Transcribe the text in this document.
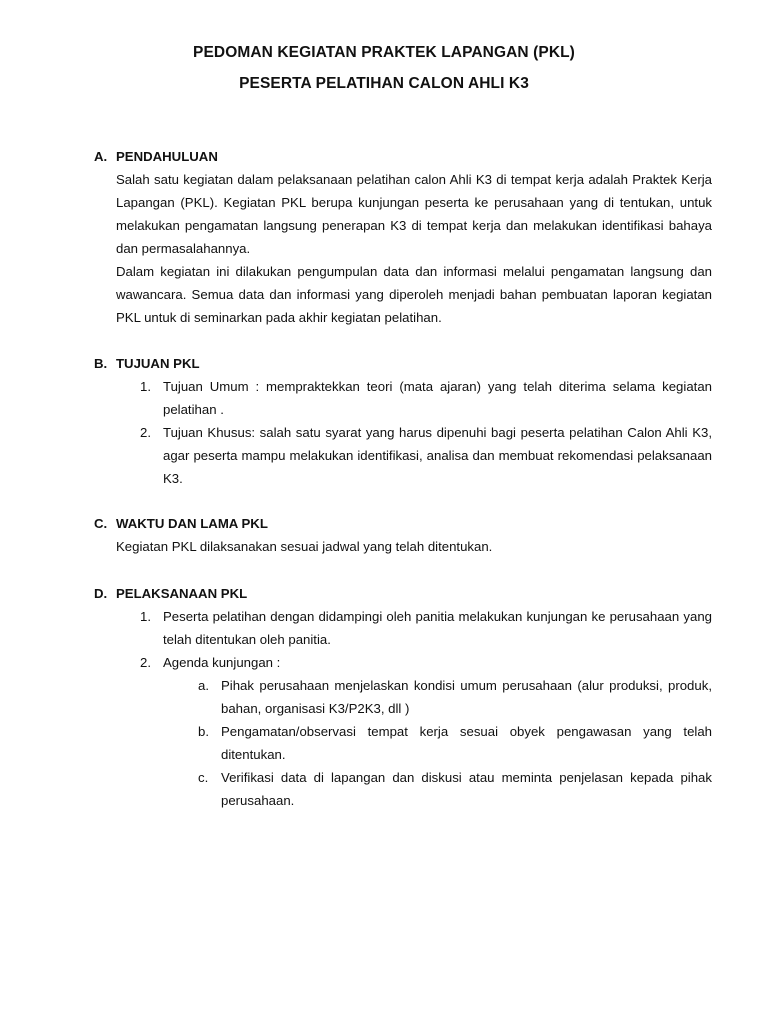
PEDOMAN KEGIATAN PRAKTEK LAPANGAN (PKL)
PESERTA PELATIHAN CALON AHLI K3
A. PENDAHULUAN
Salah satu kegiatan dalam pelaksanaan pelatihan calon Ahli K3 di tempat kerja adalah Praktek Kerja Lapangan (PKL). Kegiatan PKL berupa kunjungan peserta ke perusahaan yang di tentukan, untuk melakukan pengamatan langsung penerapan K3 di tempat kerja dan melakukan identifikasi bahaya dan permasalahannya.
Dalam kegiatan ini dilakukan pengumpulan data dan informasi melalui pengamatan langsung dan wawancara. Semua data dan informasi yang diperoleh menjadi bahan pembuatan laporan kegiatan PKL untuk di seminarkan pada akhir kegiatan pelatihan.
B. TUJUAN PKL
1. Tujuan Umum : mempraktekkan teori (mata ajaran) yang telah diterima selama kegiatan pelatihan .
2. Tujuan Khusus: salah satu syarat yang harus dipenuhi bagi peserta pelatihan Calon Ahli K3, agar peserta mampu melakukan identifikasi, analisa dan membuat rekomendasi pelaksanaan K3.
C. WAKTU DAN LAMA PKL
Kegiatan PKL dilaksanakan sesuai jadwal yang telah ditentukan.
D. PELAKSANAAN PKL
1. Peserta pelatihan dengan didampingi oleh panitia melakukan kunjungan ke perusahaan yang telah ditentukan oleh panitia.
2. Agenda kunjungan :
a. Pihak perusahaan menjelaskan kondisi umum perusahaan (alur produksi, produk, bahan, organisasi K3/P2K3, dll )
b. Pengamatan/observasi tempat kerja sesuai obyek pengawasan yang telah ditentukan.
c. Verifikasi data di lapangan dan diskusi atau meminta penjelasan kepada pihak perusahaan.
